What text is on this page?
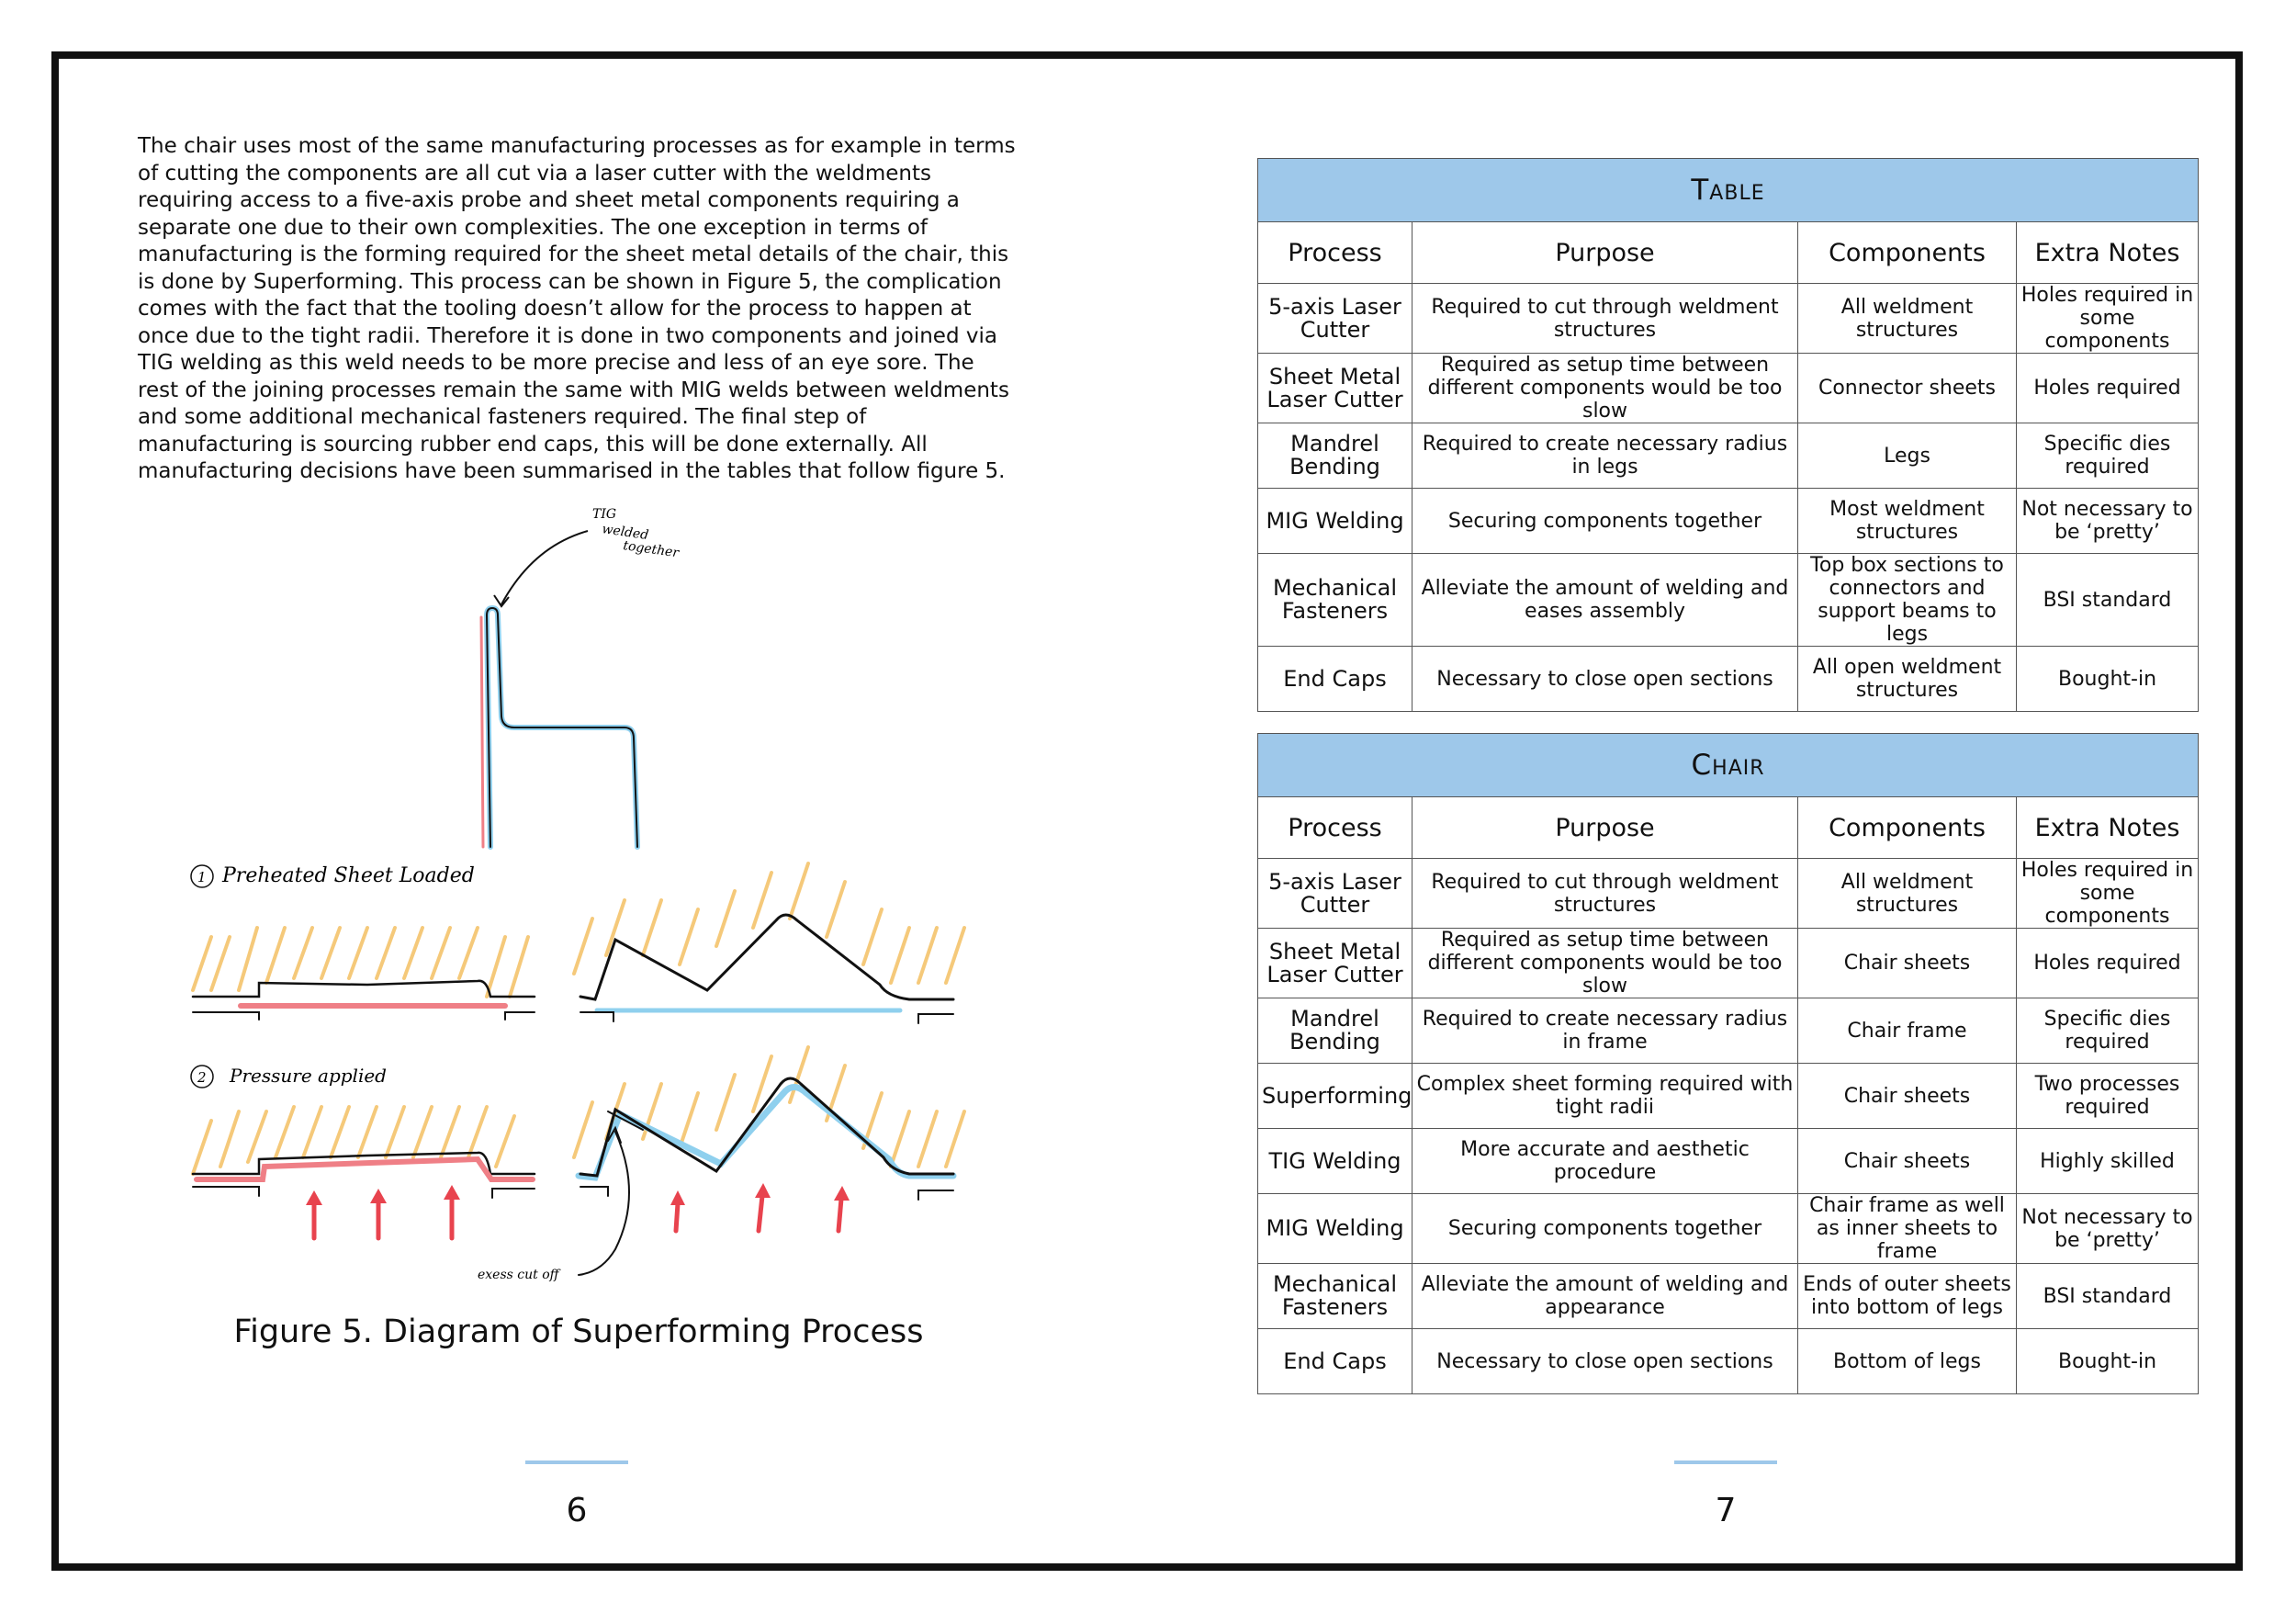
The chair uses most of the same manufacturing processes as for example in terms of cutting the components are all cut via a laser cutter with the weldments requiring access to a five-axis probe and sheet metal components requiring a separate one due to their own complexities. The one exception in terms of manufacturing is the forming required for the sheet metal details of the chair, this is done by Superforming. This process can be shown in Figure 5, the complication comes with the fact that the tooling doesn’t allow for the process to happen at once due to the tight radii. Therefore it is done in two components and joined via TIG welding as this weld needs to be more precise and less of an eye sore. The rest of the joining processes remain the same with MIG welds between weldments and some additional mechanical fasteners required. The final step of manufacturing is sourcing rubber end caps, this will be done externally. All manufacturing decisions have been summarised in the tables that follow figure 5.

TIG
welded
together
1 Preheated Sheet Loaded
2 Pressure applied
exess cut off

Figure 5. Diagram of Superforming Process

6
Table			
Process	Purpose	Components	Extra Notes
5-axis Laser Cutter	Required to cut through weldment structures	All weldment structures	Holes required in some components
Sheet Metal Laser Cutter	Required as setup time between different components would be too slow	Connector sheets	Holes required
Mandrel Bending	Required to create necessary radius in legs	Legs	Specific dies required
MIG Welding	Securing components together	Most weldment structures	Not necessary to be ‘pretty’
Mechanical Fasteners	Alleviate the amount of welding and eases assembly	Top box sections to connectors and support beams to legs	BSI standard
End Caps	Necessary to close open sections	All open weldment structures	Bought-in
Chair			
Process	Purpose	Components	Extra Notes
5-axis Laser Cutter	Required to cut through weldment structures	All weldment structures	Holes required in some components
Sheet Metal Laser Cutter	Required as setup time between different components would be too slow	Chair sheets	Holes required
Mandrel Bending	Required to create necessary radius in frame	Chair frame	Specific dies required
Superforming	Complex sheet forming required with tight radii	Chair sheets	Two processes required
TIG Welding	More accurate and aesthetic procedure	Chair sheets	Highly skilled
MIG Welding	Securing components together	Chair frame as well as inner sheets to frame	Not necessary to be ‘pretty’
Mechanical Fasteners	Alleviate the amount of welding and appearance	Ends of outer sheets into bottom of legs	BSI standard
End Caps	Necessary to close open sections	Bottom of legs	Bought-in
7
